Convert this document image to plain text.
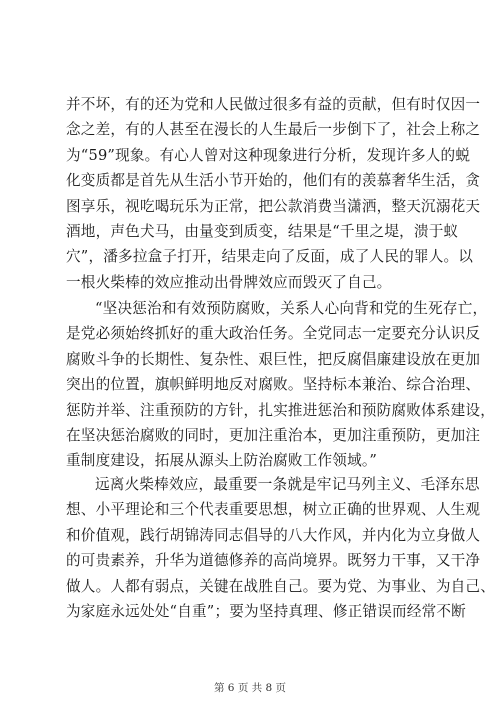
并不坏，有的还为党和人民做过很多有益的贡献，但有时仅因一
念之差，有的人甚至在漫长的人生最后一步倒下了，社会上称之
为“59”现象。有心人曾对这种现象进行分析，发现许多人的蜕
化变质都是首先从生活小节开始的，他们有的羡慕奢华生活，贪
图享乐，视吃喝玩乐为正常，把公款消费当潇洒，整天沉溺花天
酒地，声色犬马，由量变到质变，结果是“千里之堤，溃于蚁
穴”，潘多拉盒子打开，结果走向了反面，成了人民的罪人。以
一根火柴棒的效应推动出骨牌效应而毁灭了自己。
“坚决惩治和有效预防腐败，关系人心向背和党的生死存亡，
是党必须始终抓好的重大政治任务。全党同志一定要充分认识反
腐败斗争的长期性、复杂性、艰巨性，把反腐倡廉建设放在更加
突出的位置，旗帜鲜明地反对腐败。坚持标本兼治、综合治理、
惩防并举、注重预防的方针，扎实推进惩治和预防腐败体系建设，
在坚决惩治腐败的同时，更加注重治本，更加注重预防，更加注
重制度建设，拓展从源头上防治腐败工作领域。”
远离火柴棒效应，最重要一条就是牢记马列主义、毛泽东思
想、小平理论和三个代表重要思想，树立正确的世界观、人生观
和价值观，践行胡锦涛同志倡导的八大作风，并内化为立身做人
的可贵素养，升华为道德修养的高尚境界。既努力干事，又干净
做人。人都有弱点，关键在战胜自己。要为党、为事业、为自己、
为家庭永远处处“自重”；要为坚持真理、修正错误而经常不断
第 6 页 共 8 页
